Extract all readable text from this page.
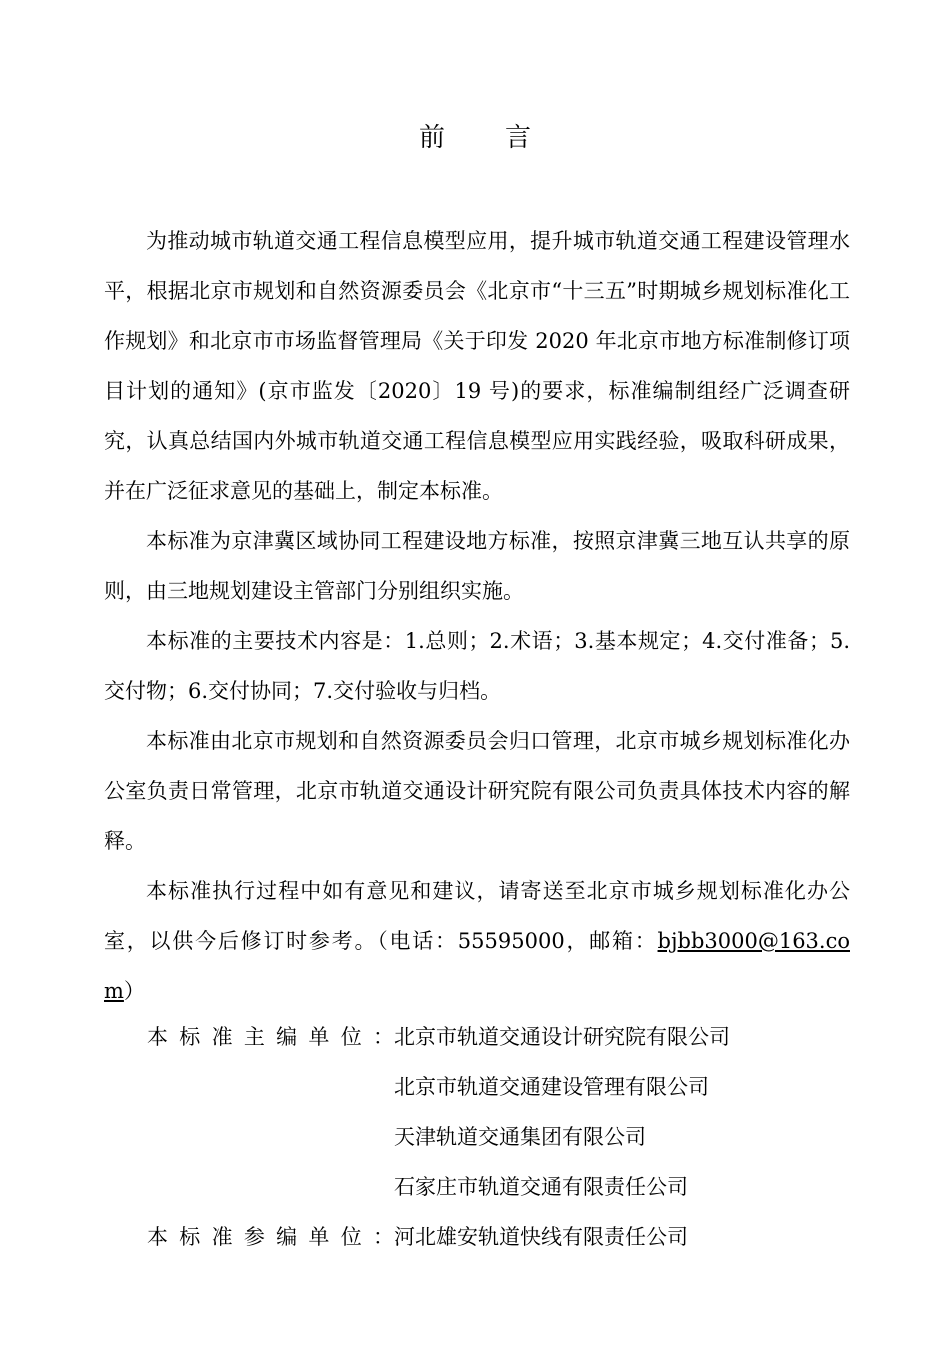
前 言

为推动城市轨道交通工程信息模型应用，提升城市轨道交通工程建设管理水平，根据北京市规划和自然资源委员会《北京市“十三五”时期城乡规划标准化工作规划》和北京市市场监督管理局《关于印发 2020 年北京市地方标准制修订项目计划的通知》(京市监发〔2020〕19 号)的要求，标准编制组经广泛调查研究，认真总结国内外城市轨道交通工程信息模型应用实践经验，吸取科研成果，并在广泛征求意见的基础上，制定本标准。

本标准为京津冀区域协同工程建设地方标准，按照京津冀三地互认共享的原则，由三地规划建设主管部门分别组织实施。

本标准的主要技术内容是：1.总则；2.术语；3.基本规定；4.交付准备；5.交付物；6.交付协同；7.交付验收与归档。

本标准由北京市规划和自然资源委员会归口管理，北京市城乡规划标准化办公室负责日常管理，北京市轨道交通设计研究院有限公司负责具体技术内容的解释。

本标准执行过程中如有意见和建议，请寄送至北京市城乡规划标准化办公室，以供今后修订时参考。（电话：55595000，邮箱：bjbb3000@163.com）

本 标 准 主 编 单 位 ： 北京市轨道交通设计研究院有限公司
北京市轨道交通建设管理有限公司
天津轨道交通集团有限公司
石家庄市轨道交通有限责任公司
本 标 准 参 编 单 位 ： 河北雄安轨道快线有限责任公司
